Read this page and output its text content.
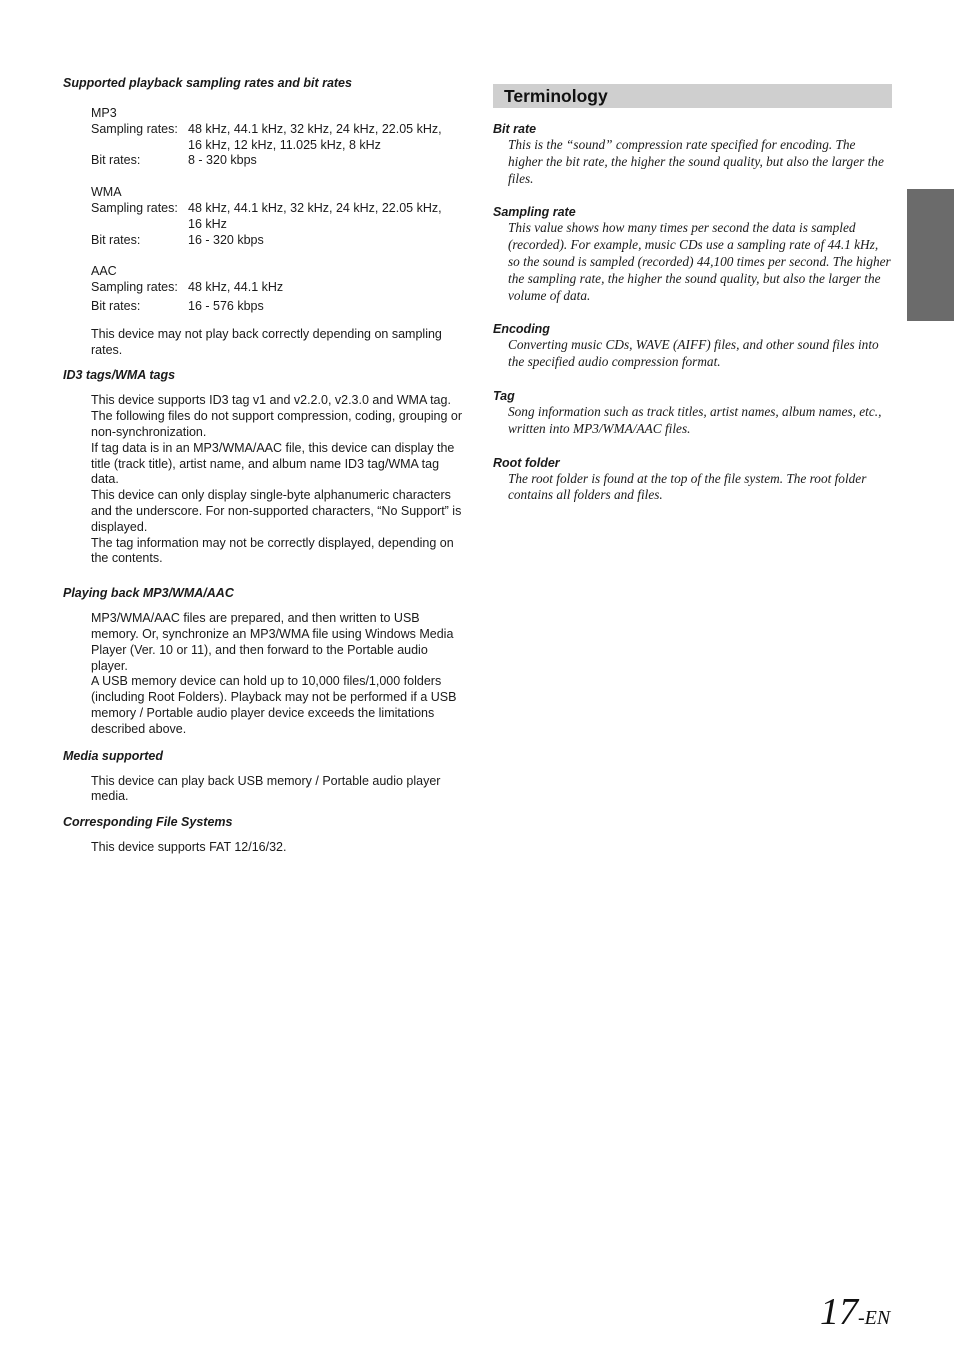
Supported playback sampling rates and bit rates

MP3
Sampling rates: 48 kHz, 44.1 kHz, 32 kHz, 24 kHz, 22.05 kHz,
16 kHz, 12 kHz, 11.025 kHz, 8 kHz
Bit rates:	8 - 320 kbps
WMA
Sampling rates: 48 kHz, 44.1 kHz, 32 kHz, 24 kHz, 22.05 kHz,
16 kHz
Bit rates:	16 - 320 kbps
AAC
Sampling rates: 48 kHz, 44.1 kHz
Bit rates:	16 - 576 kbps
This device may not play back correctly depending on sampling rates.

ID3 tags/WMA tags

This device supports ID3 tag v1 and v2.2.0, v2.3.0 and WMA tag. The following files do not support compression, coding, grouping or non-synchronization.

If tag data is in an MP3/WMA/AAC file, this device can display the title (track title), artist name, and album name ID3 tag/WMA tag data.

This device can only display single-byte alphanumeric characters and the underscore. For non-supported characters, “No Support” is displayed.

The tag information may not be correctly displayed, depending on the contents.

Playing back MP3/WMA/AAC

MP3/WMA/AAC files are prepared, and then written to USB memory. Or, synchronize an MP3/WMA file using Windows Media Player (Ver. 10 or 11), and then forward to the Portable audio player.

A USB memory device can hold up to 10,000 files/1,000 folders (including Root Folders). Playback may not be performed if a USB memory / Portable audio player device exceeds the limitations described above.

Media supported

This device can play back USB memory / Portable audio player media.

Corresponding File Systems

This device supports FAT 12/16/32.
Terminology

Bit rate

This is the “sound” compression rate specified for encoding. The higher the bit rate, the higher the sound quality, but also the larger the files.

Sampling rate

This value shows how many times per second the data is sampled (recorded). For example, music CDs use a sampling rate of 44.1 kHz, so the sound is sampled (recorded) 44,100 times per second. The higher the sampling rate, the higher the sound quality, but also the larger the volume of data.

Encoding

Converting music CDs, WAVE (AIFF) files, and other sound files into the specified audio compression format.

Tag

Song information such as track titles, artist names, album names, etc., written into MP3/WMA/AAC files.

Root folder

The root folder is found at the top of the file system. The root folder contains all folders and files.
17-EN
